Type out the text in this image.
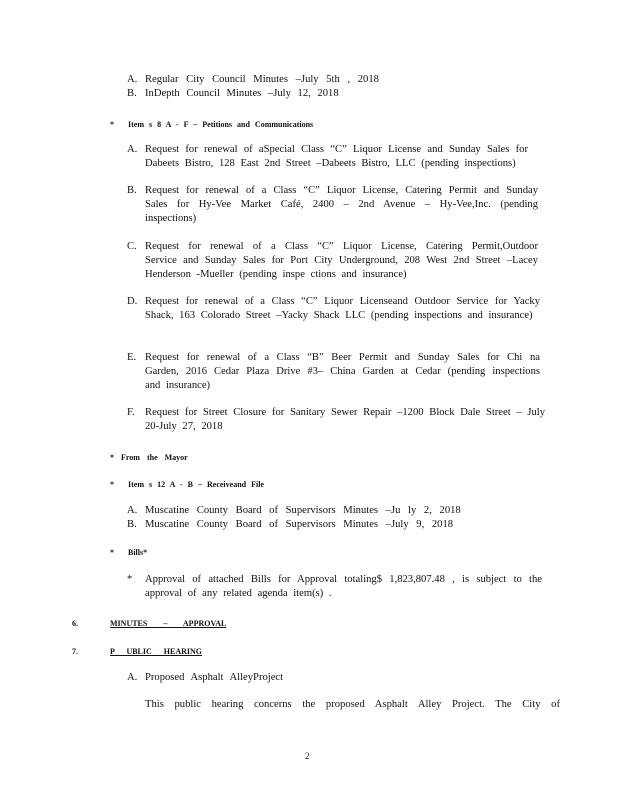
A. Regular City Council Minutes –July 5th , 2018
B. InDepth Council Minutes –July 12, 2018
* Item s 8 A - F – Petitions and Communications
A. Request for renewal of aSpecial Class “C” Liquor License and Sunday Sales for Dabeets Bistro, 128 East 2nd Street –Dabeets Bistro, LLC (pending inspections)
B. Request for renewal of a Class “C” Liquor License, Catering Permit and Sunday Sales for Hy-Vee Market Café, 2400 – 2nd Avenue – Hy-Vee,Inc. (pending inspections)
C. Request for renewal of a Class “C” Liquor License, Catering Permit,Outdoor Service and Sunday Sales for Port City Underground, 208 West 2nd Street –Lacey Henderson -Mueller (pending inspe ctions and insurance)
D. Request for renewal of a Class “C” Liquor Licenseand Outdoor Service for Yacky Shack, 163 Colorado Street –Yacky Shack LLC (pending inspections and insurance)
E. Request for renewal of a Class “B” Beer Permit and Sunday Sales for Chi na Garden, 2016 Cedar Plaza Drive #3– China Garden at Cedar (pending inspections and insurance)
F. Request for Street Closure for Sanitary Sewer Repair –1200 Block Dale Street – July 20-July 27, 2018
* From the Mayor
* Item s 12 A - B – Receiveand File
A. Muscatine County Board of Supervisors Minutes –Ju ly 2, 2018
B. Muscatine County Board of Supervisors Minutes –July 9, 2018
* Bills*
* Approval of attached Bills for Approval totaling$ 1,823,807.48 , is subject to the approval of any related agenda item(s) .
6.	MINUTES – APPROVAL
7.	P UBLIC HEARING
A. Proposed Asphalt AlleyProject
This public hearing concerns the proposed Asphalt Alley Project. The City of
2
